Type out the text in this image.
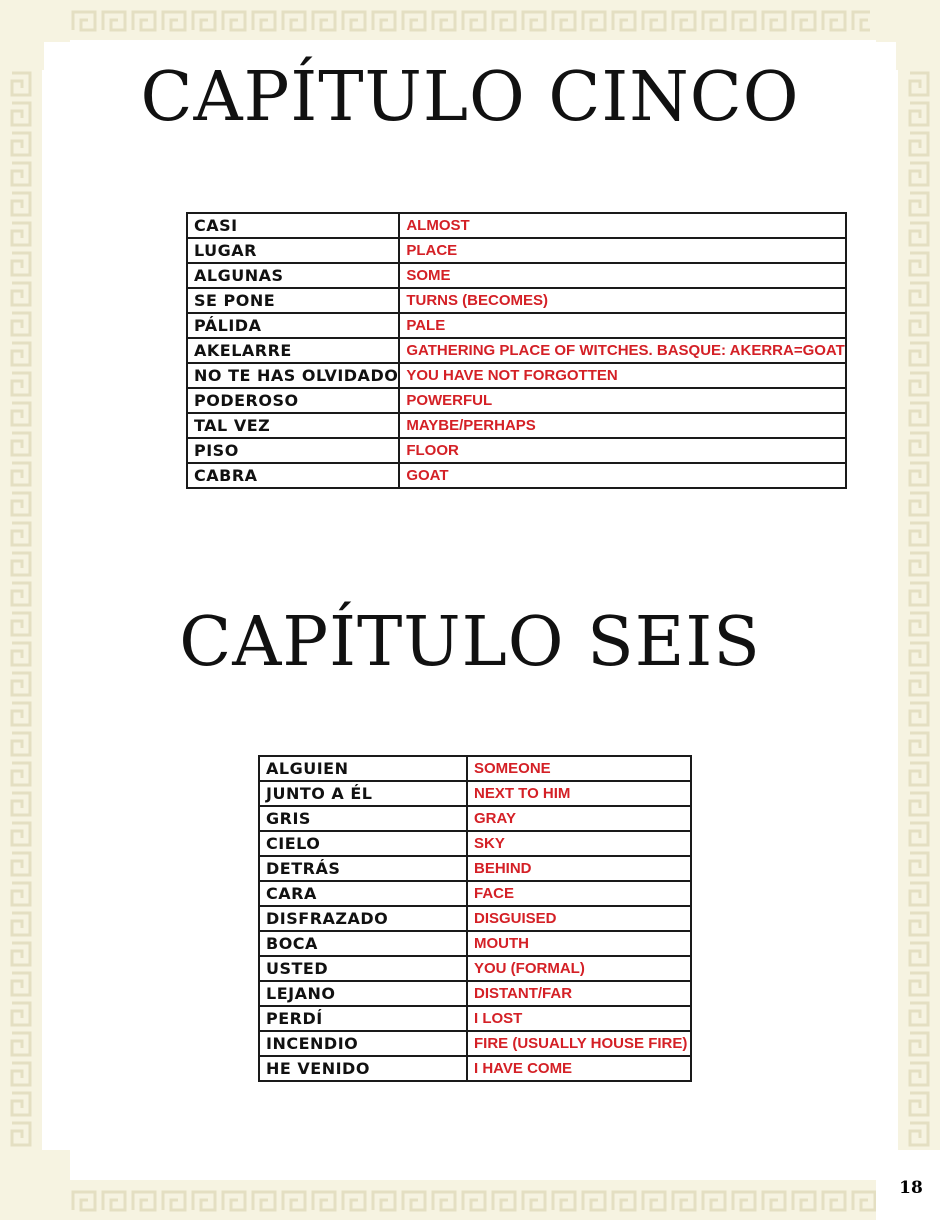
CAPÍTULO CINCO
CASI	ALMOST
LUGAR	PLACE
ALGUNAS	SOME
SE PONE	TURNS (BECOMES)
PÁLIDA	PALE
AKELARRE	GATHERING PLACE OF WITCHES. BASQUE: AKERRA=GOAT
NO TE HAS OLVIDADO	YOU HAVE NOT FORGOTTEN
PODEROSO	POWERFUL
TAL VEZ	MAYBE/PERHAPS
PISO	FLOOR
CABRA	GOAT
CAPÍTULO SEIS
ALGUIEN	SOMEONE
JUNTO A ÉL	NEXT TO HIM
GRIS	GRAY
CIELO	SKY
DETRÁS	BEHIND
CARA	FACE
DISFRAZADO	DISGUISED
BOCA	MOUTH
USTED	YOU (FORMAL)
LEJANO	DISTANT/FAR
PERDÍ	I LOST
INCENDIO	FIRE (USUALLY HOUSE FIRE)
HE VENIDO	I HAVE COME
18
